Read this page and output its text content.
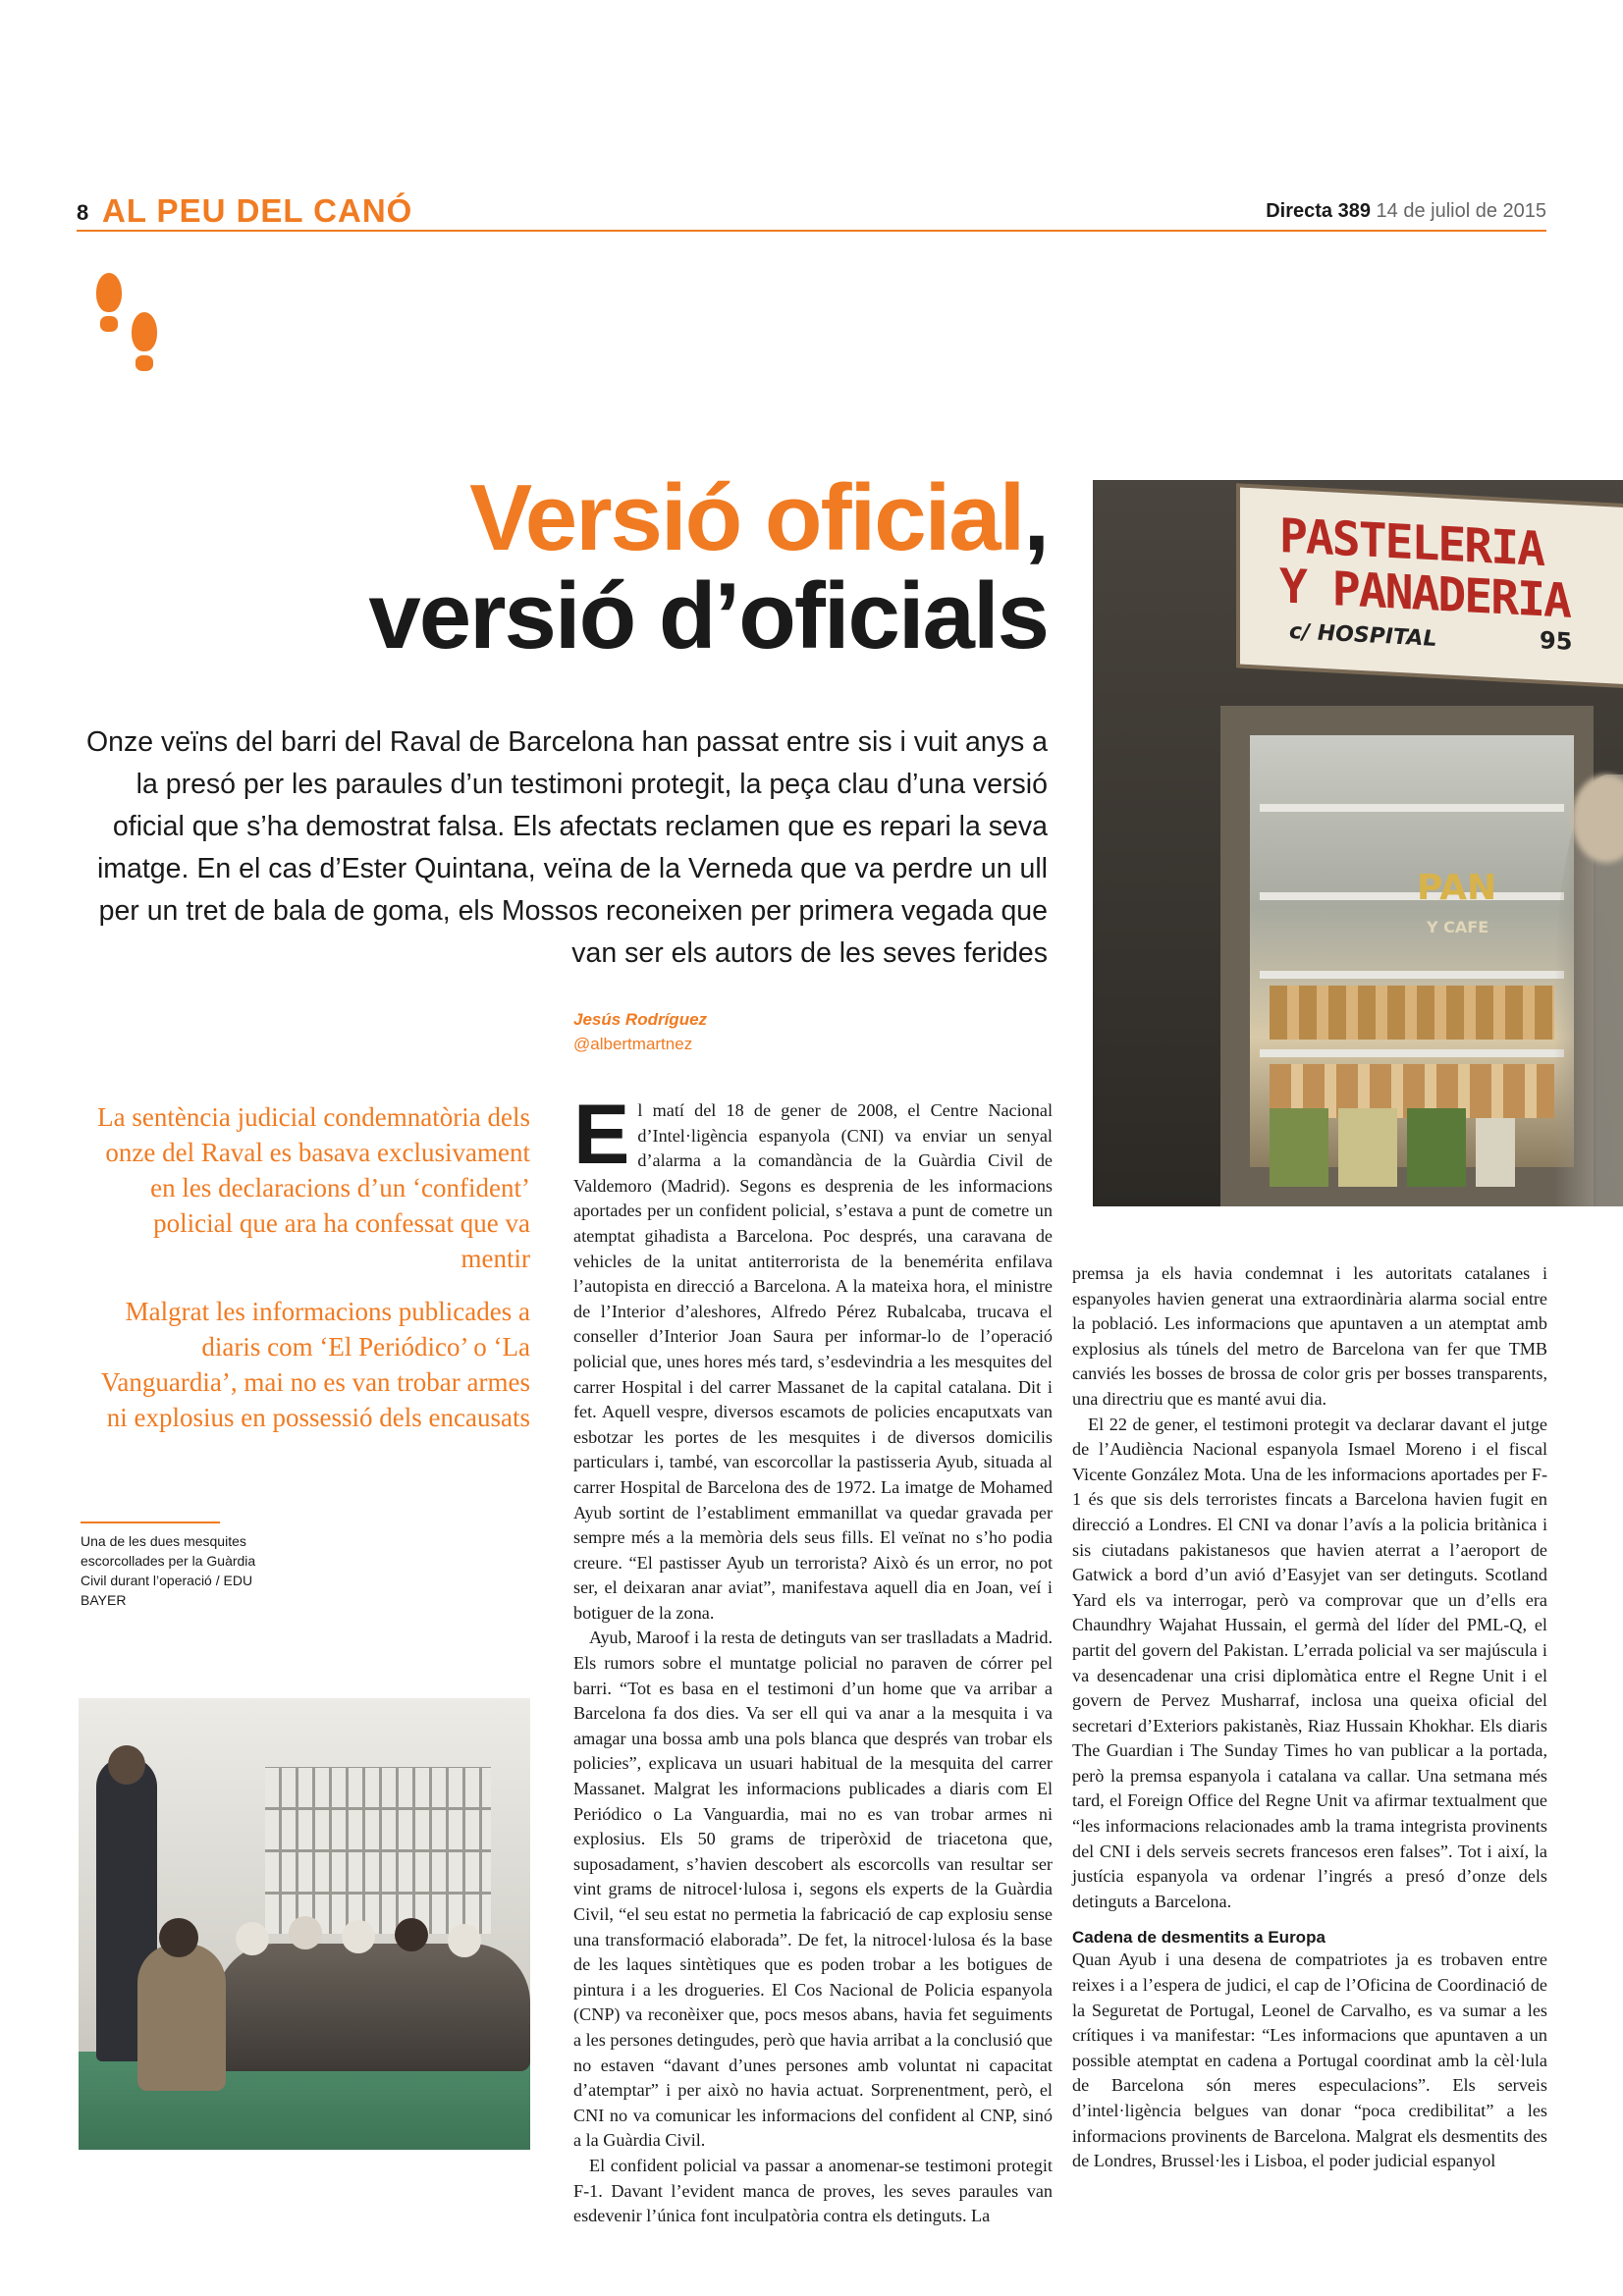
8 AL PEU DEL CANÓ	Directa 389 14 de juliol de 2015
Versió oficial,
versió d’oficials
Onze veïns del barri del Raval de Barcelona han passat entre sis i vuit anys a la presó per les paraules d’un testimoni protegit, la peça clau d’una versió oficial que s’ha demostrat falsa. Els afectats reclamen que es repari la seva imatge. En el cas d’Ester Quintana, veïna de la Verneda que va perdre un ull per un tret de bala de goma, els Mossos reconeixen per primera vegada que van ser els autors de les seves ferides
Jesús Rodríguez
@albertmartnez
PASTELERIA
Y PANADERIA
c/ HOSPITAL	95
PAN
Y CAFE
La sentència judicial condemnatòria dels onze del Raval es basava exclusivament en les declaracions d’un ‘confident’ policial que ara ha confessat que va mentir
Malgrat les informacions publicades a diaris com ‘El Periódico’ o ‘La Vanguardia’, mai no es van trobar armes ni explosius en possessió dels encausats
Una de les dues mesquites escorcollades per la Guàrdia Civil durant l’operació / EDU BAYER

El matí del 18 de gener de 2008, el Centre Nacional d’Intel·ligència espanyola (CNI) va enviar un senyal d’alarma a la comandància de la Guàrdia Civil de Valdemoro (Madrid). Segons es desprenia de les informacions aportades per un confident policial, s’estava a punt de cometre un atemptat gihadista a Barcelona. Poc després, una caravana de vehicles de la unitat antiterrorista de la benemérita enfilava l’autopista en direcció a Barcelona. A la mateixa hora, el ministre de l’Interior d’aleshores, Alfredo Pérez Rubalcaba, trucava el conseller d’Interior Joan Saura per informar-lo de l’operació policial que, unes hores més tard, s’esdevindria a les mesquites del carrer Hospital i del carrer Massanet de la capital catalana. Dit i fet. Aquell vespre, diversos escamots de policies encaputxats van esbotzar les portes de les mesquites i de diversos domicilis particulars i, també, van escorcollar la pastisseria Ayub, situada al carrer Hospital de Barcelona des de 1972. La imatge de Mohamed Ayub sortint de l’establiment emmanillat va quedar gravada per sempre més a la memòria dels seus fills. El veïnat no s’ho podia creure. “El pastisser Ayub un terrorista? Això és un error, no pot ser, el deixaran anar aviat”, manifestava aquell dia en Joan, veí i botiguer de la zona.

Ayub, Maroof i la resta de detinguts van ser traslladats a Madrid. Els rumors sobre el muntatge policial no paraven de córrer pel barri. “Tot es basa en el testimoni d’un home que va arribar a Barcelona fa dos dies. Va ser ell qui va anar a la mesquita i va amagar una bossa amb una pols blanca que després van trobar els policies”, explicava un usuari habitual de la mesquita del carrer Massanet. Malgrat les informacions publicades a diaris com El Periódico o La Vanguardia, mai no es van trobar armes ni explosius. Els 50 grams de triperòxid de triacetona que, suposadament, s’havien descobert als escorcolls van resultar ser vint grams de nitrocel·lulosa i, segons els experts de la Guàrdia Civil, “el seu estat no permetia la fabricació de cap explosiu sense una transformació elaborada”. De fet, la nitrocel·lulosa és la base de les laques sintètiques que es poden trobar a les botigues de pintura i a les drogueries. El Cos Nacional de Policia espanyola (CNP) va reconèixer que, pocs mesos abans, havia fet seguiments a les persones detingudes, però que havia arribat a la conclusió que no estaven “davant d’unes persones amb voluntat ni capacitat d’atemptar” i per això no havia actuat. Sorprenentment, però, el CNI no va comunicar les informacions del confident al CNP, sinó a la Guàrdia Civil.

El confident policial va passar a anomenar-se testimoni protegit F-1. Davant l’evident manca de proves, les seves paraules van esdevenir l’única font inculpatòria contra els detinguts. La

premsa ja els havia condemnat i les autoritats catalanes i espanyoles havien generat una extraordinària alarma social entre la població. Les informacions que apuntaven a un atemptat amb explosius als túnels del metro de Barcelona van fer que TMB canviés les bosses de brossa de color gris per bosses transparents, una directriu que es manté avui dia.

El 22 de gener, el testimoni protegit va declarar davant el jutge de l’Audiència Nacional espanyola Ismael Moreno i el fiscal Vicente González Mota. Una de les informacions aportades per F-1 és que sis dels terroristes fincats a Barcelona havien fugit en direcció a Londres. El CNI va donar l’avís a la policia britànica i sis ciutadans pakistanesos que havien aterrat a l’aeroport de Gatwick a bord d’un avió d’Easyjet van ser detinguts. Scotland Yard els va interrogar, però va comprovar que un d’ells era Chaundhry Wajahat Hussain, el germà del líder del PML-Q, el partit del govern del Pakistan. L’errada policial va ser majúscula i va desencadenar una crisi diplomàtica entre el Regne Unit i el govern de Pervez Musharraf, inclosa una queixa oficial del secretari d’Exteriors pakistanès, Riaz Hussain Khokhar. Els diaris The Guardian i The Sunday Times ho van publicar a la portada, però la premsa espanyola i catalana va callar. Una setmana més tard, el Foreign Office del Regne Unit va afirmar textualment que “les informacions relacionades amb la trama integrista provinents del CNI i dels serveis secrets francesos eren falses”. Tot i així, la justícia espanyola va ordenar l’ingrés a presó d’onze dels detinguts a Barcelona.

Cadena de desmentits a Europa

Quan Ayub i una desena de compatriotes ja es trobaven entre reixes i a l’espera de judici, el cap de l’Oficina de Coordinació de la Seguretat de Portugal, Leonel de Carvalho, es va sumar a les crítiques i va manifestar: “Les informacions que apuntaven a un possible atemptat en cadena a Portugal coordinat amb la cèl·lula de Barcelona són meres especulacions”. Els serveis d’intel·ligència belgues van donar “poca credibilitat” a les informacions provinents de Barcelona. Malgrat els desmentits des de Londres, Brussel·les i Lisboa, el poder judicial espanyol
